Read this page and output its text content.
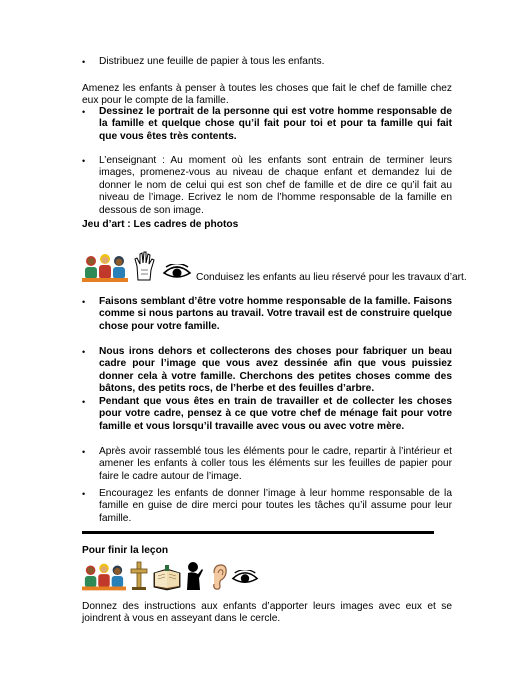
• Distribuez une feuille de papier à tous les enfants.

Amenez les enfants à penser à toutes les choses que fait le chef de famille chez eux pour le compte de la famille.

• Dessinez le portrait de la personne qui est votre homme responsable de la famille et quelque chose qu’il fait pour toi et pour ta famille qui fait que vous êtes très contents.

• L’enseignant : Au moment où les enfants sont entrain de terminer leurs images, promenez-vous au niveau de chaque enfant et demandez lui de donner le nom de celui qui est son chef de famille et de dire ce qu’il fait au niveau de l’image. Ecrivez le nom de l’homme responsable de la famille en dessous de son image.

Jeu d’art : Les cadres de photos
Conduisez les enfants au lieu réservé pour les travaux d’art.
• Faisons semblant d’être votre homme responsable de la famille. Faisons comme si nous partons au travail. Votre travail est de construire quelque chose pour votre famille.

• Nous irons dehors et collecterons des choses pour fabriquer un beau cadre pour l’image que vous avez dessinée afin que vous puissiez donner cela à votre famille. Cherchons des petites choses comme des bâtons, des petits rocs, de l’herbe et des feuilles d’arbre.

• Pendant que vous êtes en train de travailler et de collecter les choses pour votre cadre, pensez à ce que votre chef de ménage fait pour votre famille et vous lorsqu’il travaille avec vous ou avec votre mère.

• Après avoir rassemblé tous les éléments pour le cadre, repartir à l’intérieur et amener les enfants à coller tous les éléments sur les feuilles de papier pour faire le cadre autour de l’image.

• Encouragez les enfants de donner l’image à leur homme responsable de la famille en guise de dire merci pour toutes les tâches qu’il assume pour leur famille.

Pour finir la leçon

Donnez des instructions aux enfants d’apporter leurs images avec eux et se joindrent à vous en asseyant dans le cercle.
